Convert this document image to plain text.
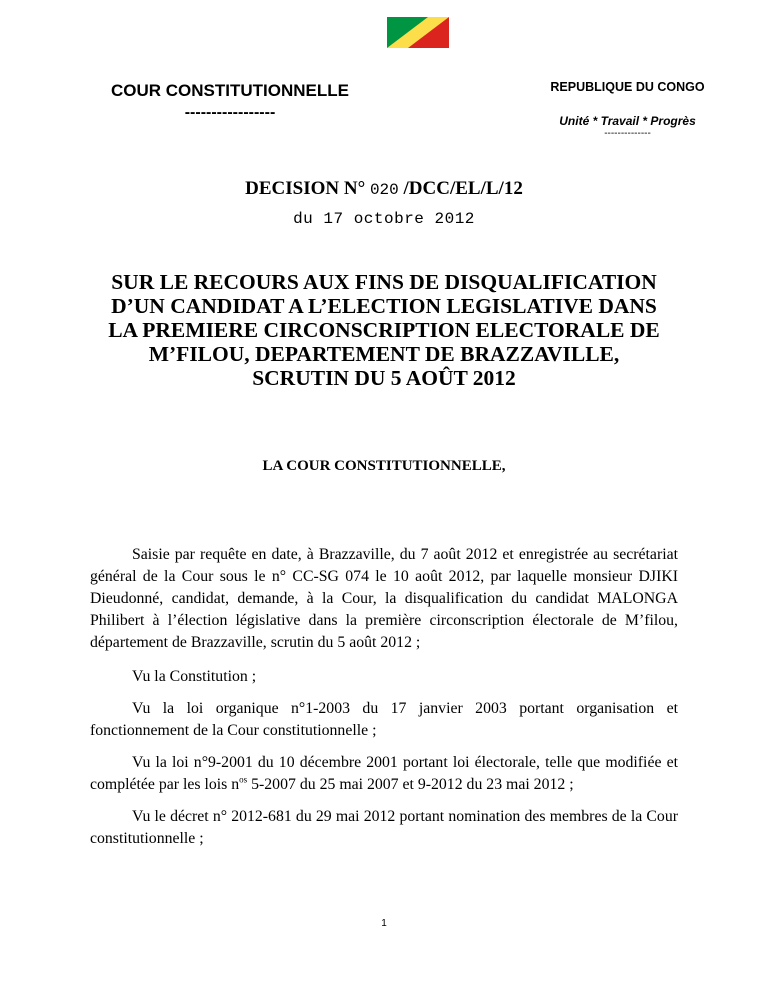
COUR CONSTITUTIONNELLE
-----------------
REPUBLIQUE DU CONGO
Unité * Travail * Progrès
--------------
DECISION N° 020 /DCC/EL/L/12
du 17 octobre 2012
SUR LE RECOURS AUX FINS DE DISQUALIFICATION
D’UN CANDIDAT A L’ELECTION LEGISLATIVE DANS
LA PREMIERE CIRCONSCRIPTION ELECTORALE DE
M’FILOU, DEPARTEMENT DE BRAZZAVILLE,
SCRUTIN DU 5 AOÛT 2012
LA COUR CONSTITUTIONNELLE,

Saisie par requête en date, à Brazzaville, du 7 août 2012 et enregistrée au secrétariat général de la Cour sous le n° CC-SG 074 le 10 août 2012, par laquelle monsieur DJIKI Dieudonné, candidat, demande, à la Cour, la disqualification du candidat MALONGA Philibert à l’élection législative dans la première circonscription électorale de M’filou, département de Brazzaville, scrutin du 5 août 2012 ;

Vu la Constitution ;

Vu la loi organique n°1-2003 du 17 janvier 2003 portant organisation et fonctionnement de la Cour constitutionnelle ;

Vu la loi n°9-2001 du 10 décembre 2001 portant loi électorale, telle que modifiée et complétée par les lois $n^{os}$ 5-2007 du 25 mai 2007 et 9-2012 du 23 mai 2012 ;

Vu le décret n° 2012-681 du 29 mai 2012 portant nomination des membres de la Cour constitutionnelle ;

1
